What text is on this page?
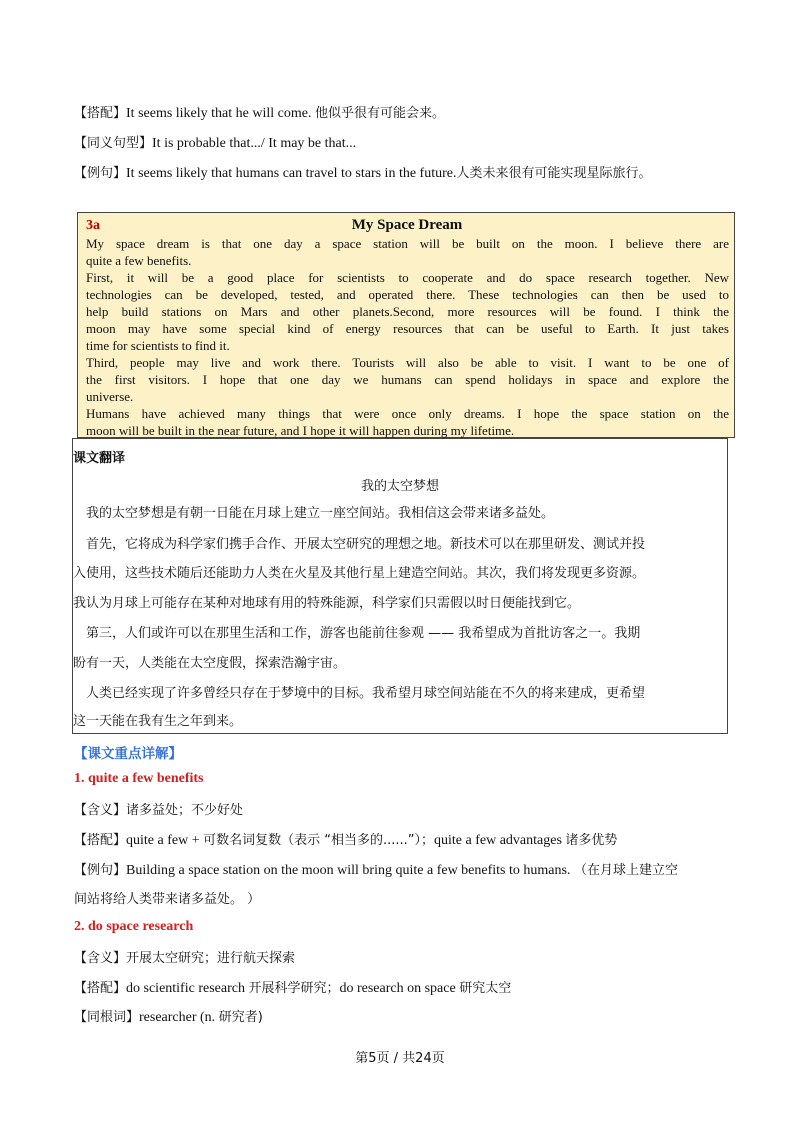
【搭配】It seems likely that he will come. 他似乎很有可能会来。
【同义句型】It is probable that.../ It may be that...
【例句】It seems likely that humans can travel to stars in the future.人类未来很有可能实现星际旅行。
3a	My Space Dream
My space dream is that one day a space station will be built on the moon. I believe there are
quite a few benefits.
First, it will be a good place for scientists to cooperate and do space research together. New
technologies can be developed, tested, and operated there. These technologies can then be used to
help build stations on Mars and other planets.Second, more resources will be found. I think the
moon may have some special kind of energy resources that can be useful to Earth. It just takes
time for scientists to find it.
Third, people may live and work there. Tourists will also be able to visit. I want to be one of
the first visitors. I hope that one day we humans can spend holidays in space and explore the
universe.
Humans have achieved many things that were once only dreams. I hope the space station on the
moon will be built in the near future, and I hope it will happen during my lifetime.
课文翻译
我的太空梦想
　我的太空梦想是有朝一日能在月球上建立一座空间站。我相信这会带来诸多益处。
　首先，它将成为科学家们携手合作、开展太空研究的理想之地。新技术可以在那里研发、测试并投
入使用，这些技术随后还能助力人类在火星及其他行星上建造空间站。其次，我们将发现更多资源。
我认为月球上可能存在某种对地球有用的特殊能源，科学家们只需假以时日便能找到它。
　第三，人们或许可以在那里生活和工作，游客也能前往参观 —— 我希望成为首批访客之一。我期
盼有一天，人类能在太空度假，探索浩瀚宇宙。
　人类已经实现了许多曾经只存在于梦境中的目标。我希望月球空间站能在不久的将来建成，更希望
这一天能在我有生之年到来。
【课文重点详解】
1. quite a few benefits
【含义】诸多益处；不少好处
【搭配】quite a few + 可数名词复数（表示 “相当多的......”）；quite a few advantages 诸多优势
【例句】Building a space station on the moon will bring quite a few benefits to humans. （在月球上建立空
间站将给人类带来诸多益处。 ）
2. do space research
【含义】开展太空研究；进行航天探索
【搭配】do scientific research 开展科学研究；do research on space 研究太空
【同根词】researcher (n. 研究者)
第5页 / 共24页
